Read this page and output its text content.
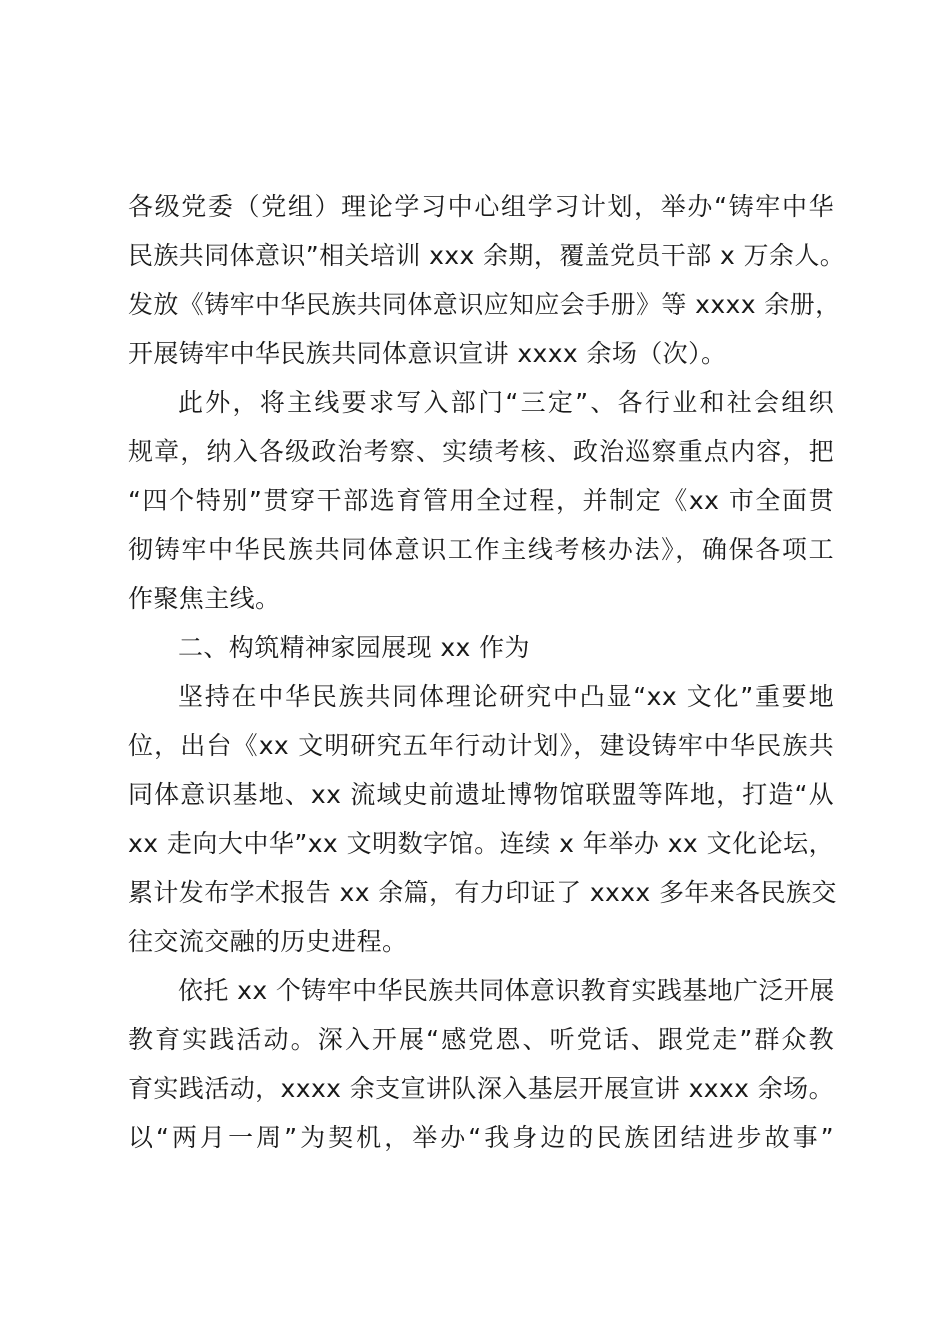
各级党委（党组）理论学习中心组学习计划，举办“铸牢中华
民族共同体意识”相关培训 xxx 余期，覆盖党员干部 x 万余人。
发放《铸牢中华民族共同体意识应知应会手册》等 xxxx 余册，
开展铸牢中华民族共同体意识宣讲 xxxx 余场（次）。
此外，将主线要求写入部门“三定”、各行业和社会组织
规章，纳入各级政治考察、实绩考核、政治巡察重点内容，把
“四个特别”贯穿干部选育管用全过程，并制定《xx 市全面贯
彻铸牢中华民族共同体意识工作主线考核办法》，确保各项工
作聚焦主线。
二、构筑精神家园展现 xx 作为
坚持在中华民族共同体理论研究中凸显“xx 文化”重要地
位，出台《xx 文明研究五年行动计划》，建设铸牢中华民族共
同体意识基地、xx 流域史前遗址博物馆联盟等阵地，打造“从
xx 走向大中华”xx 文明数字馆。连续 x 年举办 xx 文化论坛，
累计发布学术报告 xx 余篇，有力印证了 xxxx 多年来各民族交
往交流交融的历史进程。
依托 xx 个铸牢中华民族共同体意识教育实践基地广泛开展
教育实践活动。深入开展“感党恩、听党话、跟党走”群众教
育实践活动，xxxx 余支宣讲队深入基层开展宣讲 xxxx 余场。
以“两月一周”为契机，举办“我身边的民族团结进步故事”
